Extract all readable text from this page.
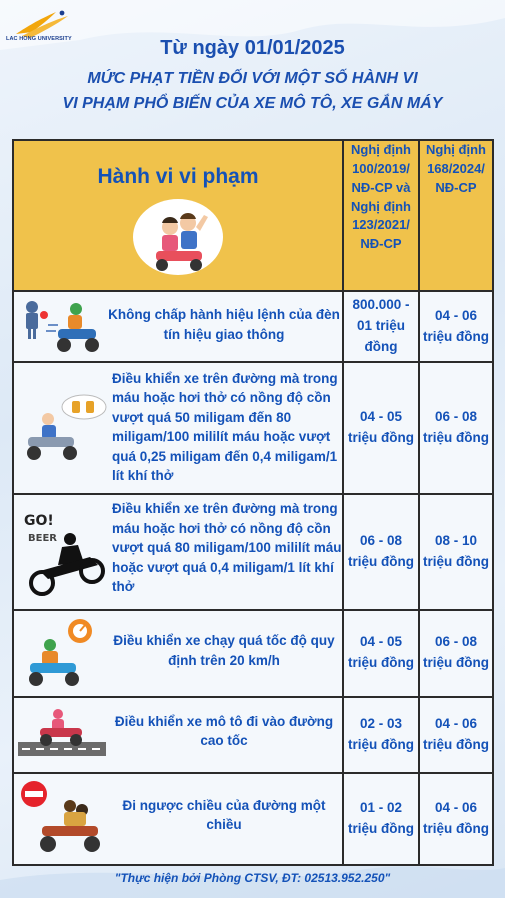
LAC HONG UNIVERSITY	Từ ngày 01/01/2025
MỨC PHẠT TIỀN ĐỐI VỚI MỘT SỐ HÀNH VI
VI PHẠM PHỔ BIẾN CỦA XE MÔ TÔ, XE GẮN MÁY
Hành vi vi phạm	Nghị định 100/2019/ NĐ-CP và Nghị định 123/2021/ NĐ-CP	Nghị định 168/2024/ NĐ-CP

Không chấp hành hiệu lệnh của đèn tín hiệu giao thông	800.000 - 01 triệu đồng	04 - 06 triệu đồng

Điều khiển xe trên đường mà trong máu hoặc hơi thở có nồng độ cồn vượt quá 50 miligam đến 80 miligam/100 mililít máu hoặc vượt quá 0,25 miligam đến 0,4 miligam/1 lít khí thở	04 - 05 triệu đồng	06 - 08 triệu đồng

GO!
BEER
Điều khiển xe trên đường mà trong máu hoặc hơi thở có nồng độ cồn vượt quá 80 miligam/100 mililít máu hoặc vượt quá 0,4 miligam/1 lít khí thở	06 - 08 triệu đồng	08 - 10 triệu đồng

Điều khiển xe chạy quá tốc độ quy định trên 20 km/h	04 - 05 triệu đồng	06 - 08 triệu đồng

Điều khiển xe mô tô đi vào đường cao tốc	02 - 03 triệu đồng	04 - 06 triệu đồng

Đi ngược chiều của đường một chiều	01 - 02 triệu đồng	04 - 06 triệu đồng
"Thực hiện bởi Phòng CTSV, ĐT: 02513.952.250"
